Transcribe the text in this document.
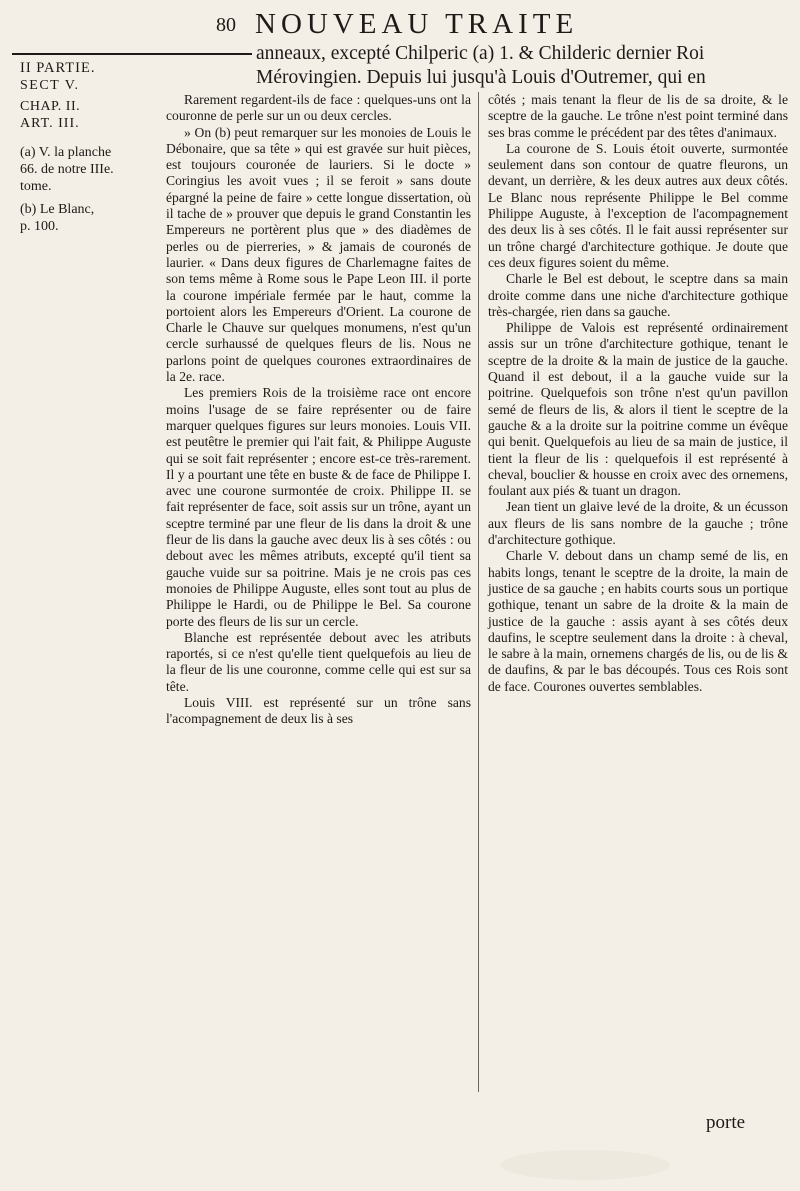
80 NOUVEAU TRAITE
anneaux, excepté Chilperic (a) 1. & Childeric dernier Roi
Mérovingien. Depuis lui jusqu'à Louis d'Outremer, qui en
II PARTIE.
SECT V.
CHAP. II.
ART. III.
(a) V. la planche
66. de notre IIIe.
tome.
(b) Le Blanc,
p. 100.

Rarement regardent-ils de face : quelques-uns ont la couronne de perle sur un ou deux cercles.

» On (b) peut remarquer sur les monoies de Louis le Débonaire, que sa tête » qui est gravée sur huit pièces, est toujours couronée de lauriers. Si le docte » Coringius les avoit vues ; il se feroit » sans doute épargné la peine de faire » cette longue dissertation, où il tache de » prouver que depuis le grand Constantin les Empereurs ne portèrent plus que » des diadèmes de perles ou de pierreries, » & jamais de couronés de laurier. « Dans deux figures de Charlemagne faites de son tems même à Rome sous le Pape Leon III. il porte la courone impériale fermée par le haut, comme la portoient alors les Empereurs d'Orient. La courone de Charle le Chauve sur quelques monumens, n'est qu'un cercle surhaussé de quelques fleurs de lis. Nous ne parlons point de quelques courones extraordinaires de la 2e. race.

Les premiers Rois de la troisième race ont encore moins l'usage de se faire représenter ou de faire marquer quelques figures sur leurs monoies. Louis VII. est peutêtre le premier qui l'ait fait, & Philippe Auguste qui se soit fait représenter ; encore est-ce très-rarement. Il y a pourtant une tête en buste & de face de Philippe I. avec une courone surmontée de croix. Philippe II. se fait représenter de face, soit assis sur un trône, ayant un sceptre terminé par une fleur de lis dans la droit & une fleur de lis dans la gauche avec deux lis à ses côtés : ou debout avec les mêmes atributs, excepté qu'il tient sa gauche vuide sur sa poitrine. Mais je ne crois pas ces monoies de Philippe Auguste, elles sont tout au plus de Philippe le Hardi, ou de Philippe le Bel. Sa courone porte des fleurs de lis sur un cercle.

Blanche est représentée debout avec les atributs raportés, si ce n'est qu'elle tient quelquefois au lieu de la fleur de lis une couronne, comme celle qui est sur sa tête.

Louis VIII. est représenté sur un trône sans l'acompagnement de deux lis à ses

côtés ; mais tenant la fleur de lis de sa droite, & le sceptre de la gauche. Le trône n'est point terminé dans ses bras comme le précédent par des têtes d'animaux.

La courone de S. Louis étoit ouverte, surmontée seulement dans son contour de quatre fleurons, un devant, un derrière, & les deux autres aux deux côtés. Le Blanc nous représente Philippe le Bel comme Philippe Auguste, à l'exception de l'acompagnement des deux lis à ses côtés. Il le fait aussi représenter sur un trône chargé d'architecture gothique. Je doute que ces deux figures soient du même.

Charle le Bel est debout, le sceptre dans sa main droite comme dans une niche d'architecture gothique très-chargée, rien dans sa gauche.

Philippe de Valois est représenté ordinairement assis sur un trône d'architecture gothique, tenant le sceptre de la droite & la main de justice de la gauche. Quand il est debout, il a la gauche vuide sur la poitrine. Quelquefois son trône n'est qu'un pavillon semé de fleurs de lis, & alors il tient le sceptre de la gauche & a la droite sur la poitrine comme un évêque qui benit. Quelquefois au lieu de sa main de justice, il tient la fleur de lis : quelquefois il est représenté à cheval, bouclier & housse en croix avec des ornemens, foulant aux piés & tuant un dragon.

Jean tient un glaive levé de la droite, & un écusson aux fleurs de lis sans nombre de la gauche ; trône d'architecture gothique.

Charle V. debout dans un champ semé de lis, en habits longs, tenant le sceptre de la droite, la main de justice de sa gauche ; en habits courts sous un portique gothique, tenant un sabre de la droite & la main de justice de la gauche : assis ayant à ses côtés deux daufins, le sceptre seulement dans la droite : à cheval, le sabre à la main, ornemens chargés de lis, ou de lis & de daufins, & par le bas découpés. Tous ces Rois sont de face. Courones ouvertes semblables.

porte
